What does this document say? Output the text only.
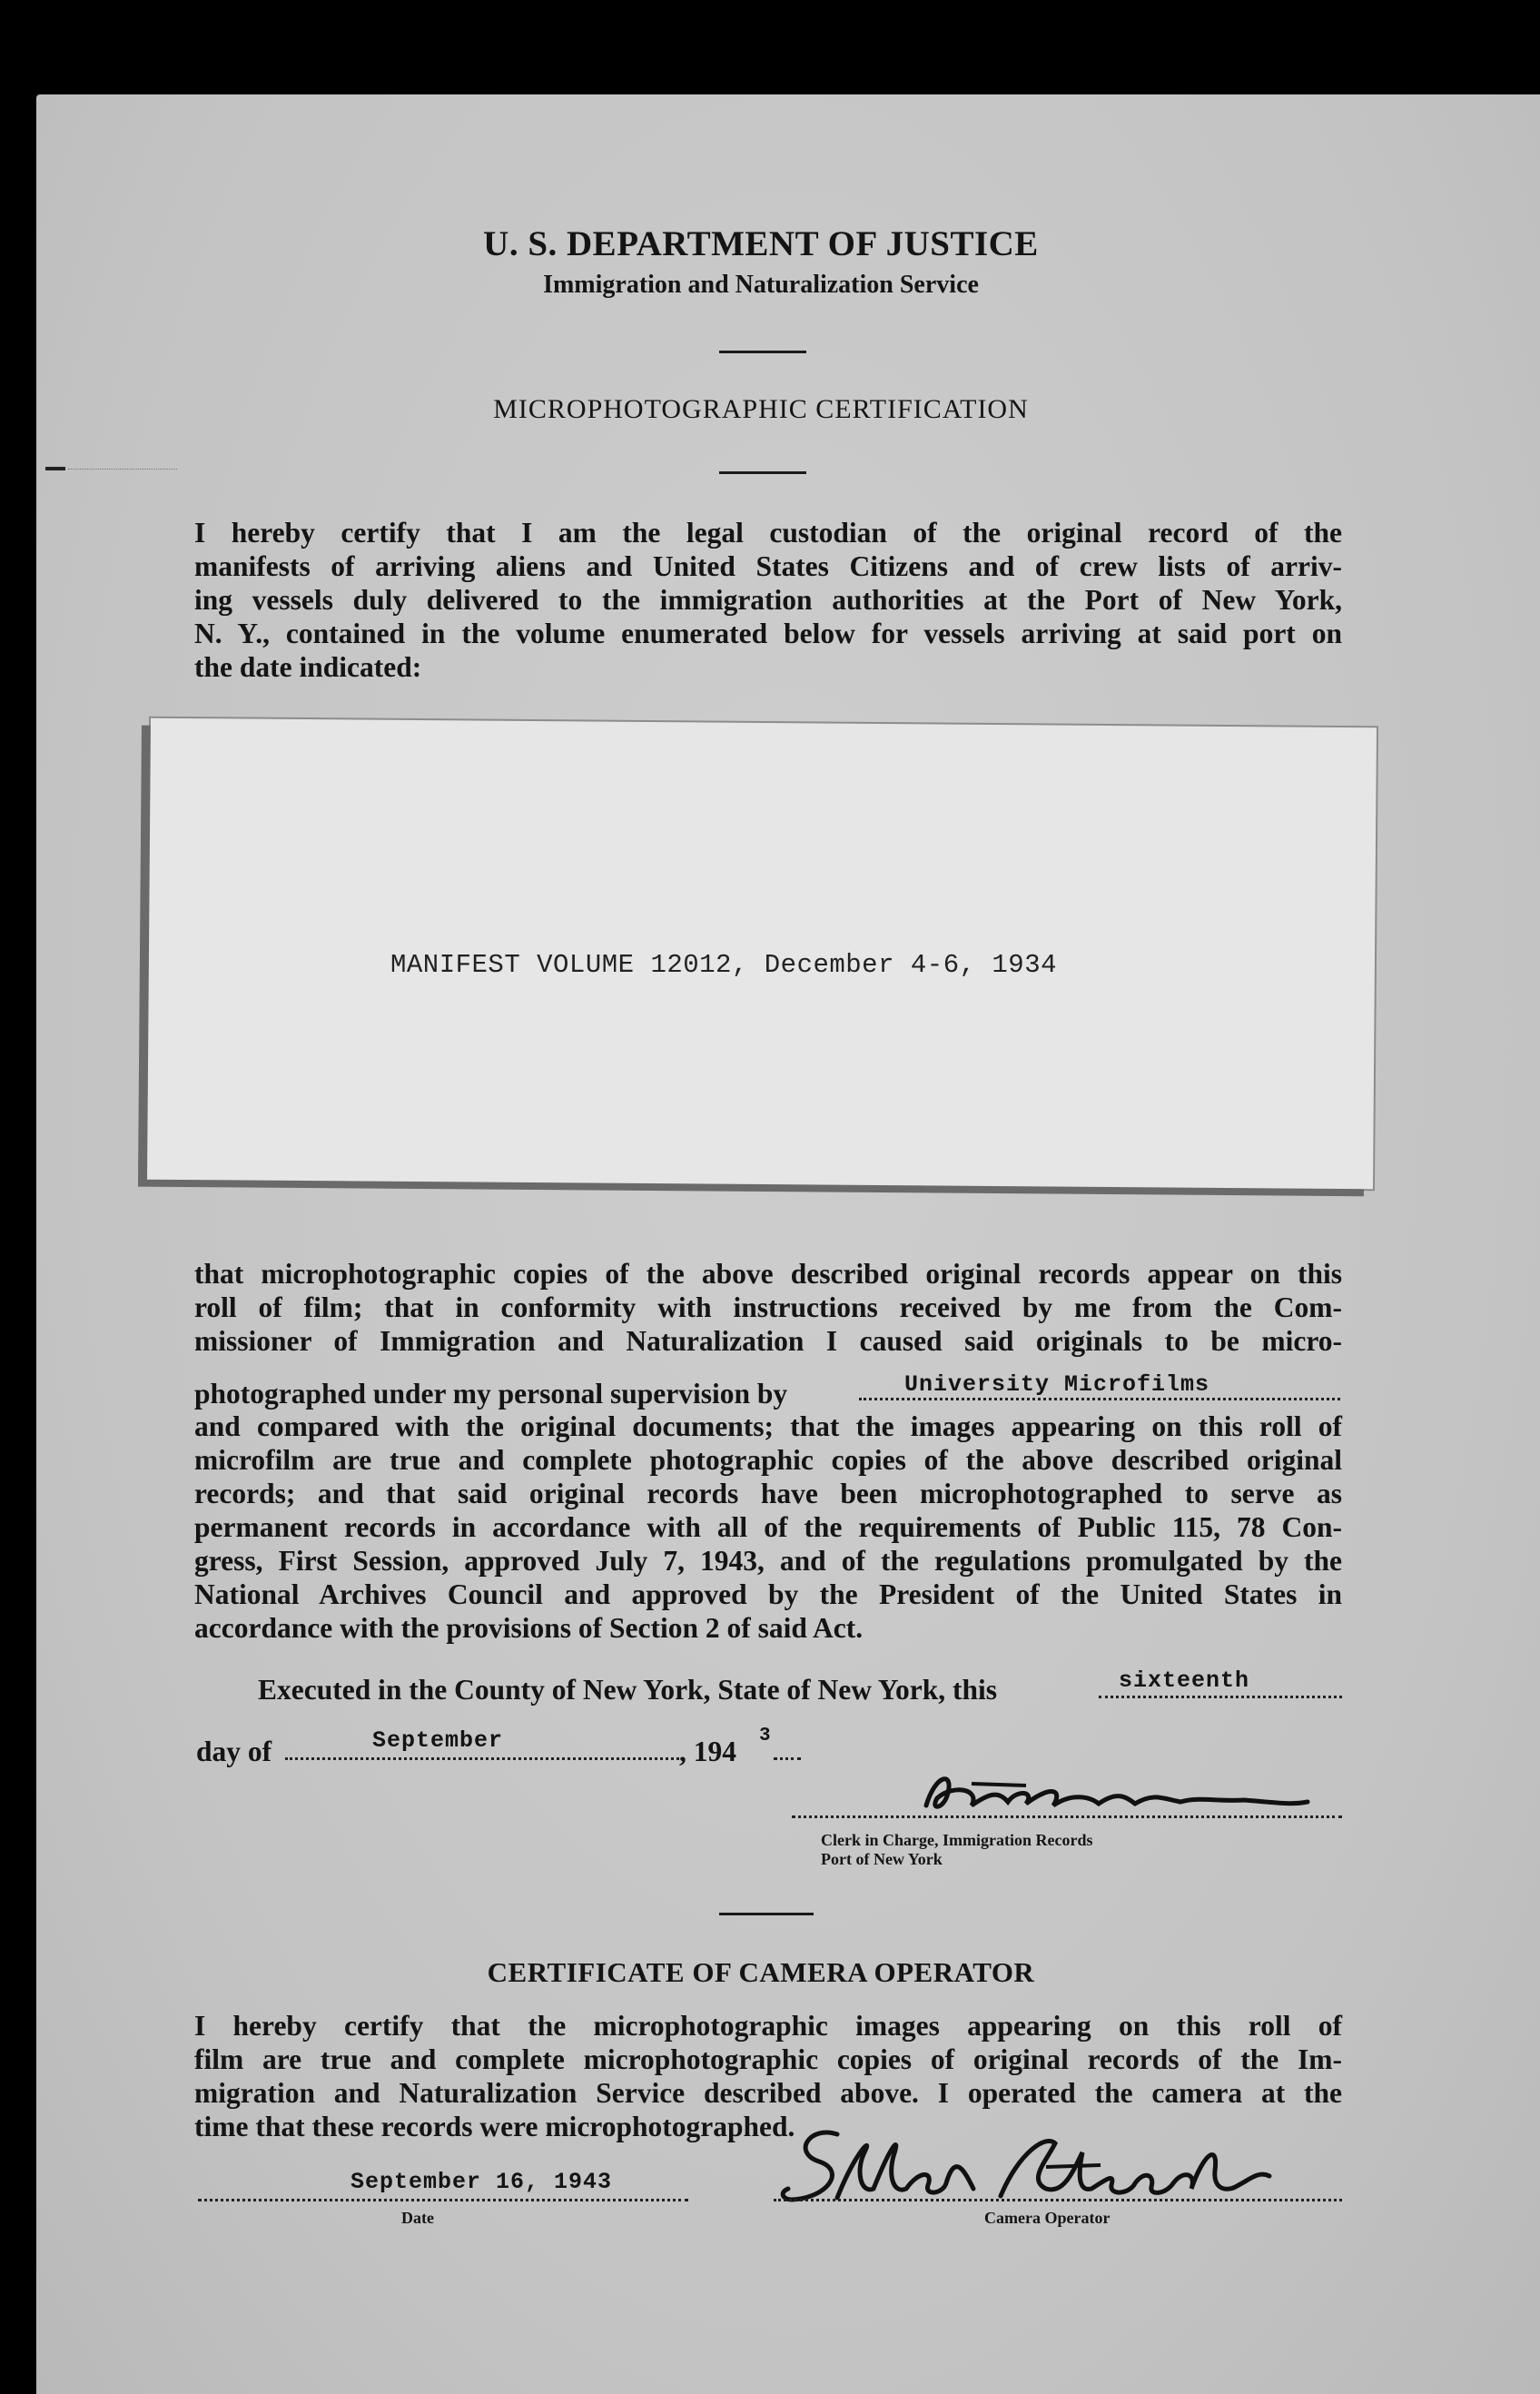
U. S. DEPARTMENT OF JUSTICE
Immigration and Naturalization Service
MICROPHOTOGRAPHIC CERTIFICATION
I hereby certify that I am the legal custodian of the original record of the
manifests of arriving aliens and United States Citizens and of crew lists of arriv-
ing vessels duly delivered to the immigration authorities at the Port of New York,
N. Y., contained in the volume enumerated below for vessels arriving at said port on
the date indicated:
MANIFEST VOLUME 12012, December 4-6, 1934
that microphotographic copies of the above described original records appear on this
roll of film; that in conformity with instructions received by me from the Com-
missioner of Immigration and Naturalization I caused said originals to be micro-
photographed under my personal supervision by	University Microfilms
and compared with the original documents; that the images appearing on this roll of
microfilm are true and complete photographic copies of the above described original
records; and that said original records have been microphotographed to serve as
permanent records in accordance with all of the requirements of Public 115, 78 Con-
gress, First Session, approved July 7, 1943, and of the regulations promulgated by the
National Archives Council and approved by the President of the United States in
accordance with the provisions of Section 2 of said Act.
Executed in the County of New York, State of New York, this	sixteenth
day of	September	, 194 3
Clerk in Charge, Immigration Records
Port of New York
CERTIFICATE OF CAMERA OPERATOR
I hereby certify that the microphotographic images appearing on this roll of
film are true and complete microphotographic copies of original records of the Im-
migration and Naturalization Service described above. I operated the camera at the
time that these records were microphotographed.
September 16, 1943
Date	Camera Operator
